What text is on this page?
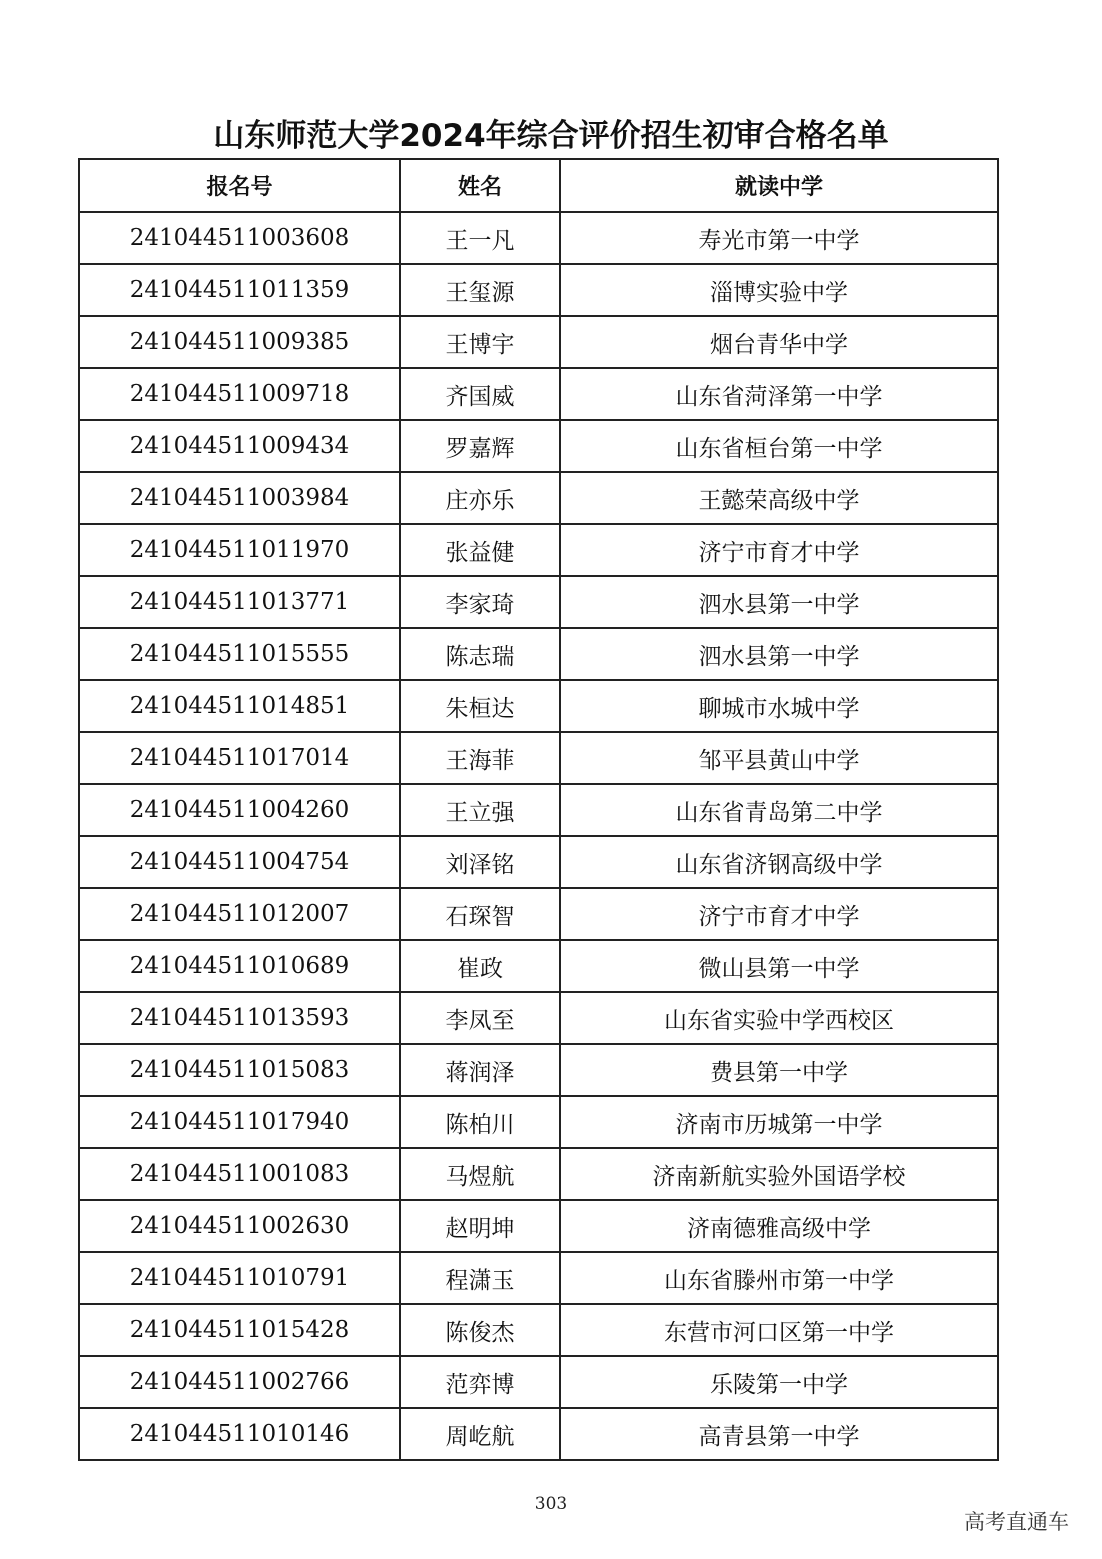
山东师范大学2024年综合评价招生初审合格名单
报名号	姓名	就读中学
241044511003608	王一凡	寿光市第一中学
241044511011359	王玺源	淄博实验中学
241044511009385	王博宇	烟台青华中学
241044511009718	齐国威	山东省菏泽第一中学
241044511009434	罗嘉辉	山东省桓台第一中学
241044511003984	庄亦乐	王懿荣高级中学
241044511011970	张益健	济宁市育才中学
241044511013771	李家琦	泗水县第一中学
241044511015555	陈志瑞	泗水县第一中学
241044511014851	朱桓达	聊城市水城中学
241044511017014	王海菲	邹平县黄山中学
241044511004260	王立强	山东省青岛第二中学
241044511004754	刘泽铭	山东省济钢高级中学
241044511012007	石琛智	济宁市育才中学
241044511010689	崔政	微山县第一中学
241044511013593	李凤至	山东省实验中学西校区
241044511015083	蒋润泽	费县第一中学
241044511017940	陈柏川	济南市历城第一中学
241044511001083	马煜航	济南新航实验外国语学校
241044511002630	赵明坤	济南德雅高级中学
241044511010791	程潇玉	山东省滕州市第一中学
241044511015428	陈俊杰	东营市河口区第一中学
241044511002766	范弈博	乐陵第一中学
241044511010146	周屹航	高青县第一中学
303
高考直通车
